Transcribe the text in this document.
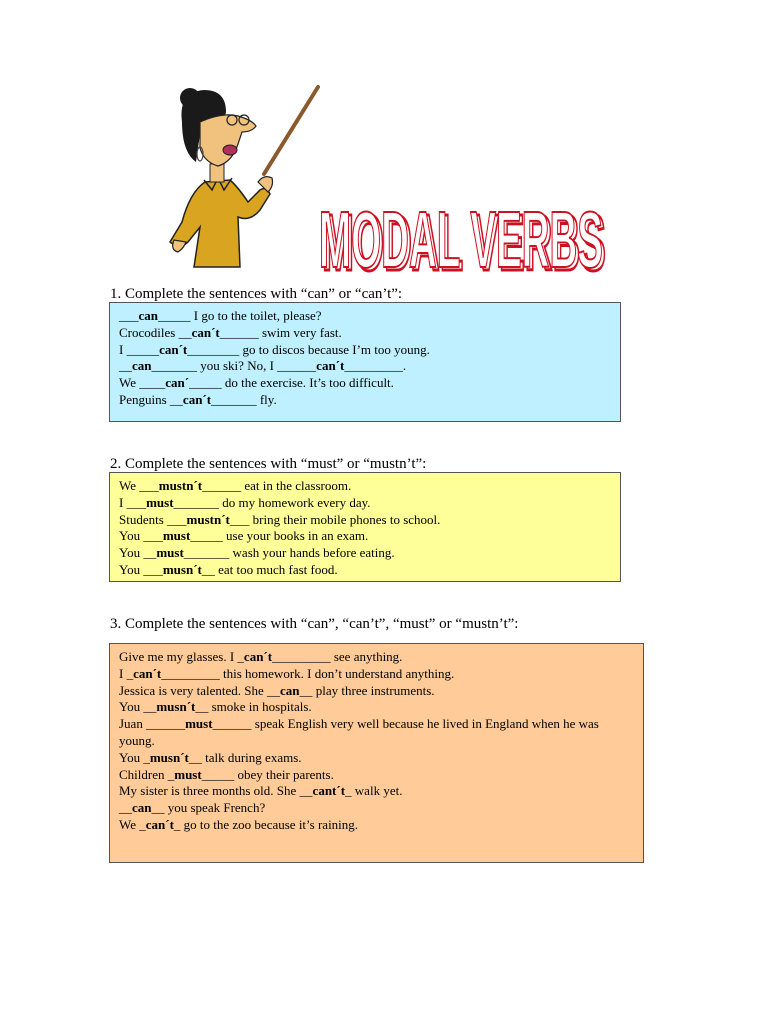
MODAL VERBS
MODAL VERBS
1. Complete the sentences with “can” or “can’t”:
___can_____ I go to the toilet, please?
Crocodiles __can´t______ swim very fast.
I _____can´t________ go to discos because I’m too young.
__can_______ you ski? No, I ______can´t_________.
We ____can´_____ do the exercise. It’s too difficult.
Penguins __can´t_______ fly.
2. Complete the sentences with “must” or “mustn’t”:
We ___mustn´t______ eat in the classroom.
I ___must_______ do my homework every day.
Students ___mustn´t___ bring their mobile phones to school.
You ___must_____ use your books in an exam.
You __must_______ wash your hands before eating.
You ___musn´t__ eat too much fast food.
3. Complete the sentences with “can”, “can’t”, “must” or “mustn’t”:
Give me my glasses. I _can´t_________ see anything.
I _can´t_________ this homework. I don’t understand anything.
Jessica is very talented. She __can__ play three instruments.
You __musn´t__ smoke in hospitals.
Juan ______must______ speak English very well because he lived in England when he was young.
You _musn´t__ talk during exams.
Children _must_____ obey their parents.
My sister is three months old. She __cant´t_ walk yet.
__can__ you speak French?
We _can´t_ go to the zoo because it’s raining.
